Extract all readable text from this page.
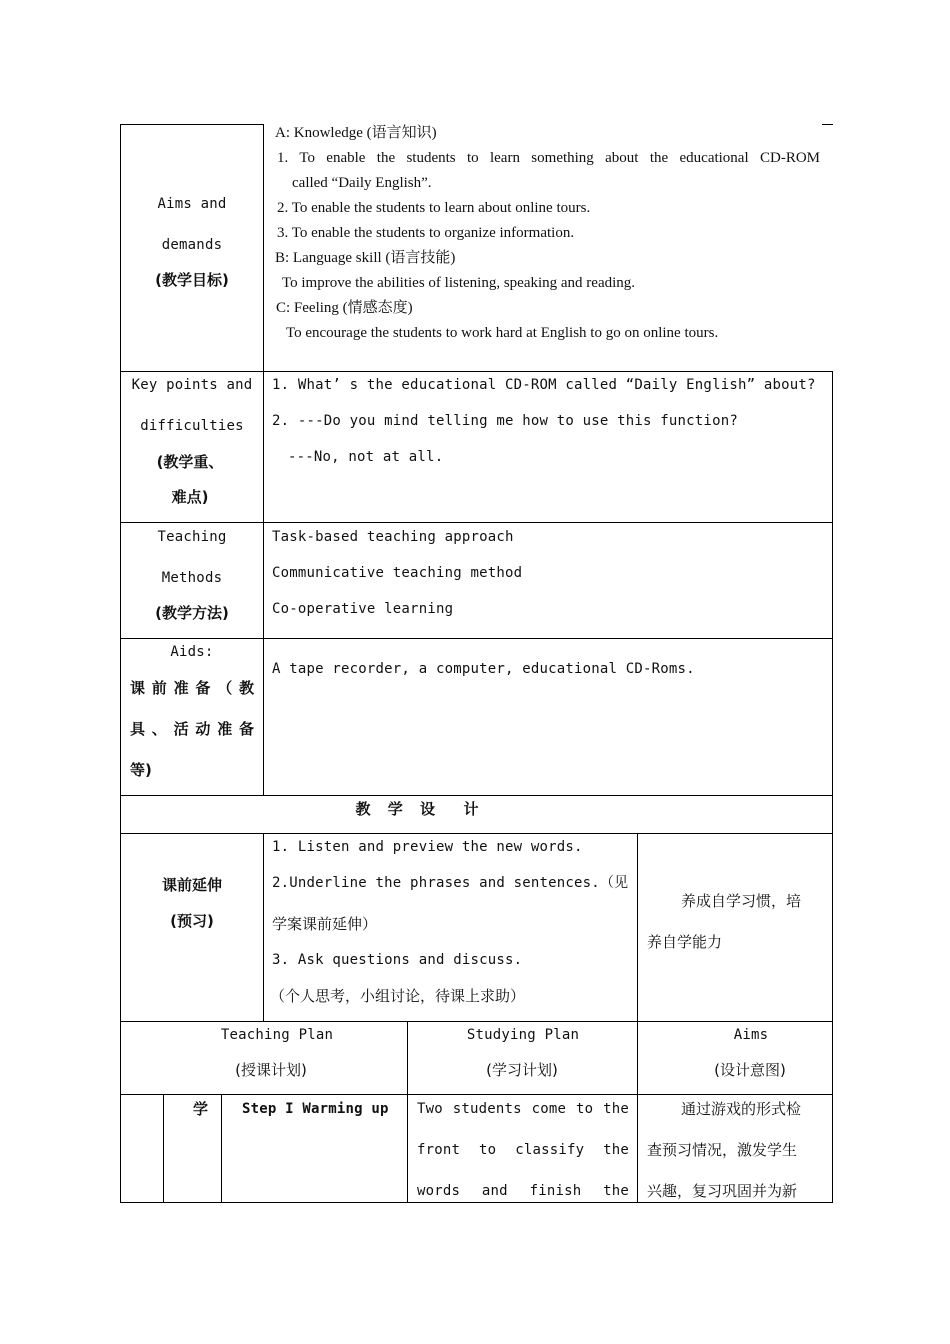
Aims and
demands
(教学目标)
A: Knowledge (语言知识)
1. To enable the students to learn something about the educational CD-ROM
called “Daily English”.
2. To enable the students to learn about online tours.
3. To enable the students to organize information.
B: Language skill (语言技能)
To improve the abilities of listening, speaking and reading.
C: Feeling (情感态度)
To encourage the students to work hard at English to go on online tours.
Key points and
difficulties
(教学重、
难点)
1. What’ s the educational CD-ROM called “Daily English” about?
2. ---Do you mind telling me how to use this function?
---No, not at all.
Teaching
Methods
(教学方法)
Task-based teaching approach
Communicative teaching method
Co-operative learning
Aids:
课前准备（教
具、活动准备
等)
A tape recorder, a computer, educational CD-Roms.
教 学 设  计
课前延伸
(预习)
1. Listen and preview the new words.
2.Underline the phrases and sentences.（见
学案课前延伸）
3. Ask questions and discuss.
（个人思考，小组讨论，待课上求助）
养成自学习惯，培
养自学能力
Teaching Plan
(授课计划)
Studying Plan
(学习计划)
Aims
(设计意图)
学 Step I Warming up Two students come to the
front to classify the
words and finish the
通过游戏的形式检
查预习情况，激发学生
兴趣，复习巩固并为新
